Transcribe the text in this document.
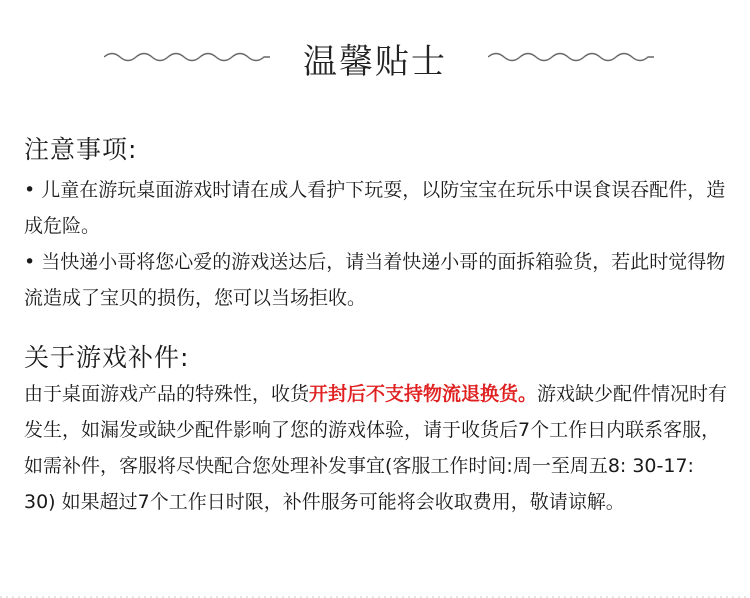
温馨贴士
注意事项:

• 儿童在游玩桌面游戏时请在成人看护下玩耍，以防宝宝在玩乐中误食误吞配件，造成危险。

• 当快递小哥将您心爱的游戏送达后，请当着快递小哥的面拆箱验货，若此时觉得物流造成了宝贝的损伤，您可以当场拒收。

关于游戏补件:

由于桌面游戏产品的特殊性，收货开封后不支持物流退换货。游戏缺少配件情况时有发生，如漏发或缺少配件影响了您的游戏体验，请于收货后7个工作日内联系客服，如需补件，客服将尽快配合您处理补发事宜(客服工作时间:周一至周五8: 30-17: 30) 如果超过7个工作日时限，补件服务可能将会收取费用，敬请谅解。
